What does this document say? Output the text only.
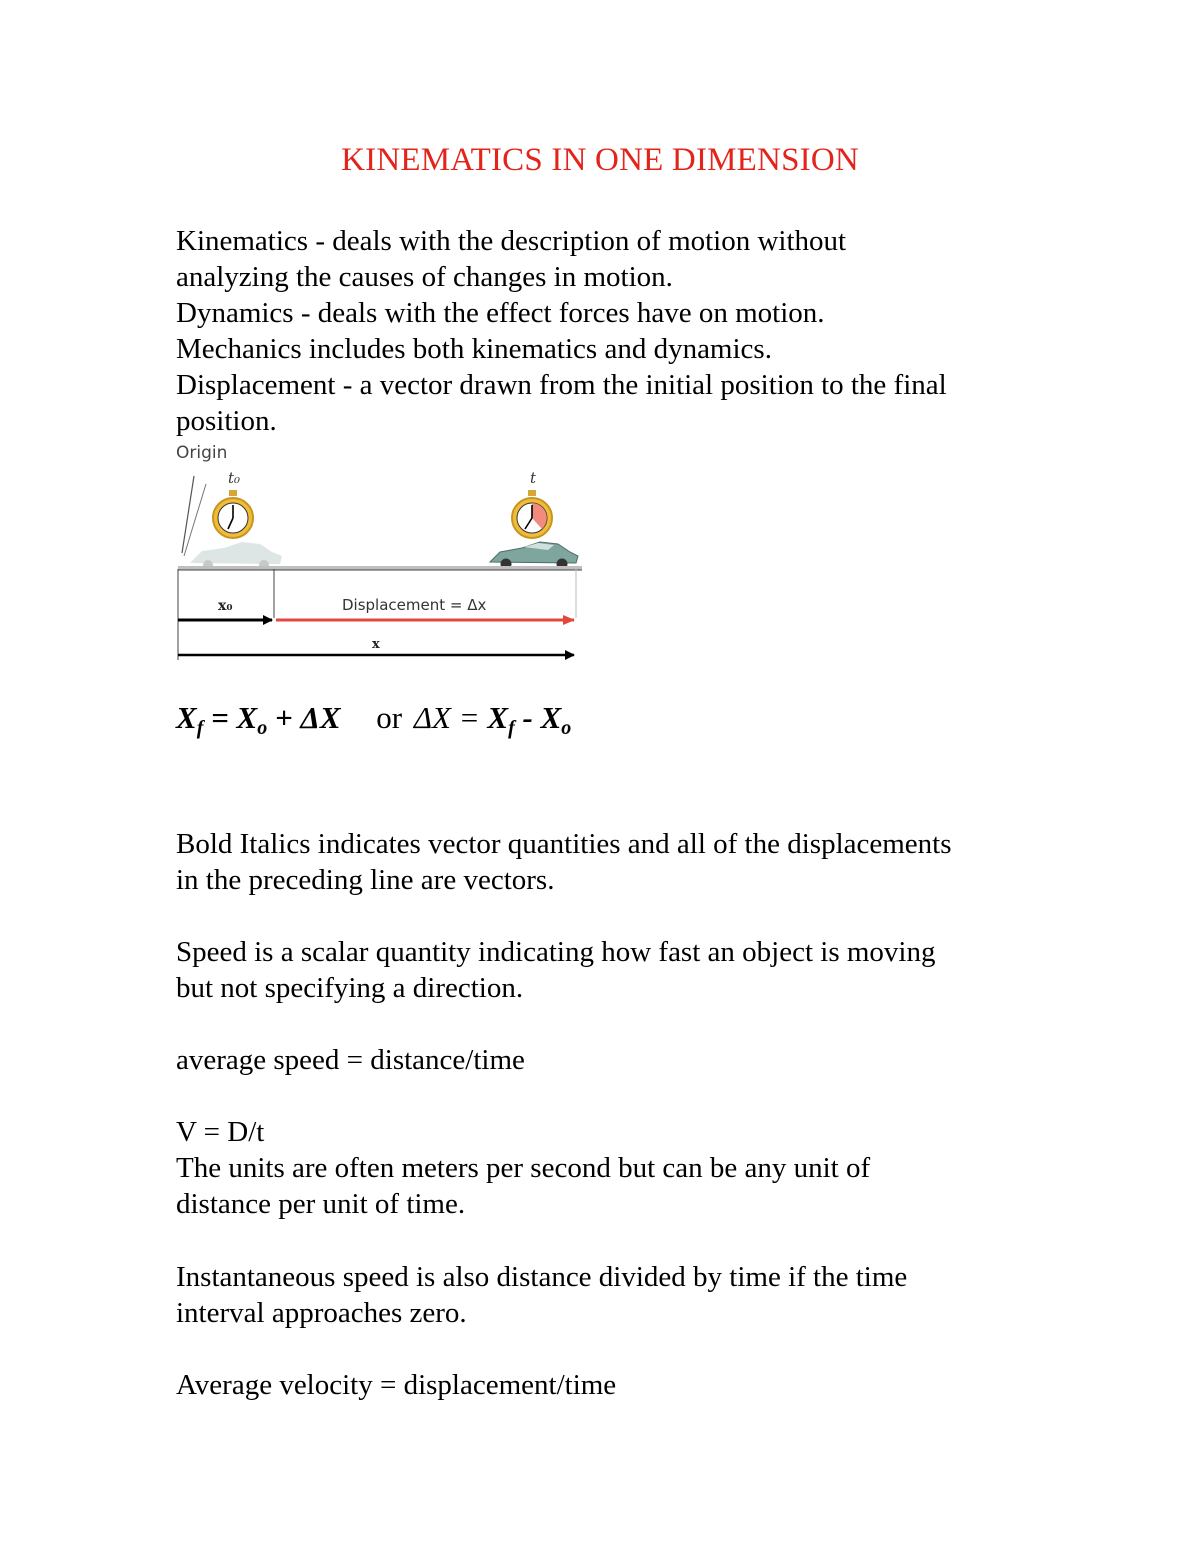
KINEMATICS IN ONE DIMENSION
Kinematics - deals with the description of motion without
analyzing the causes of changes in motion.
Dynamics - deals with the effect forces have on motion.
Mechanics includes both kinematics and dynamics.
Displacement - a vector drawn from the initial position to the final
position.
Origin
t₀	t
x₀	Displacement = Δx
x
$X_f = X_o + \Delta X$ or $\Delta X = X_f - X_o$
Bold Italics indicates vector quantities and all of the displacements
in the preceding line are vectors.
Speed is a scalar quantity indicating how fast an object is moving
but not specifying a direction.
average speed = distance/time
V = D/t
The units are often meters per second but can be any unit of
distance per unit of time.
Instantaneous speed is also distance divided by time if the time
interval approaches zero.
Average velocity = displacement/time
